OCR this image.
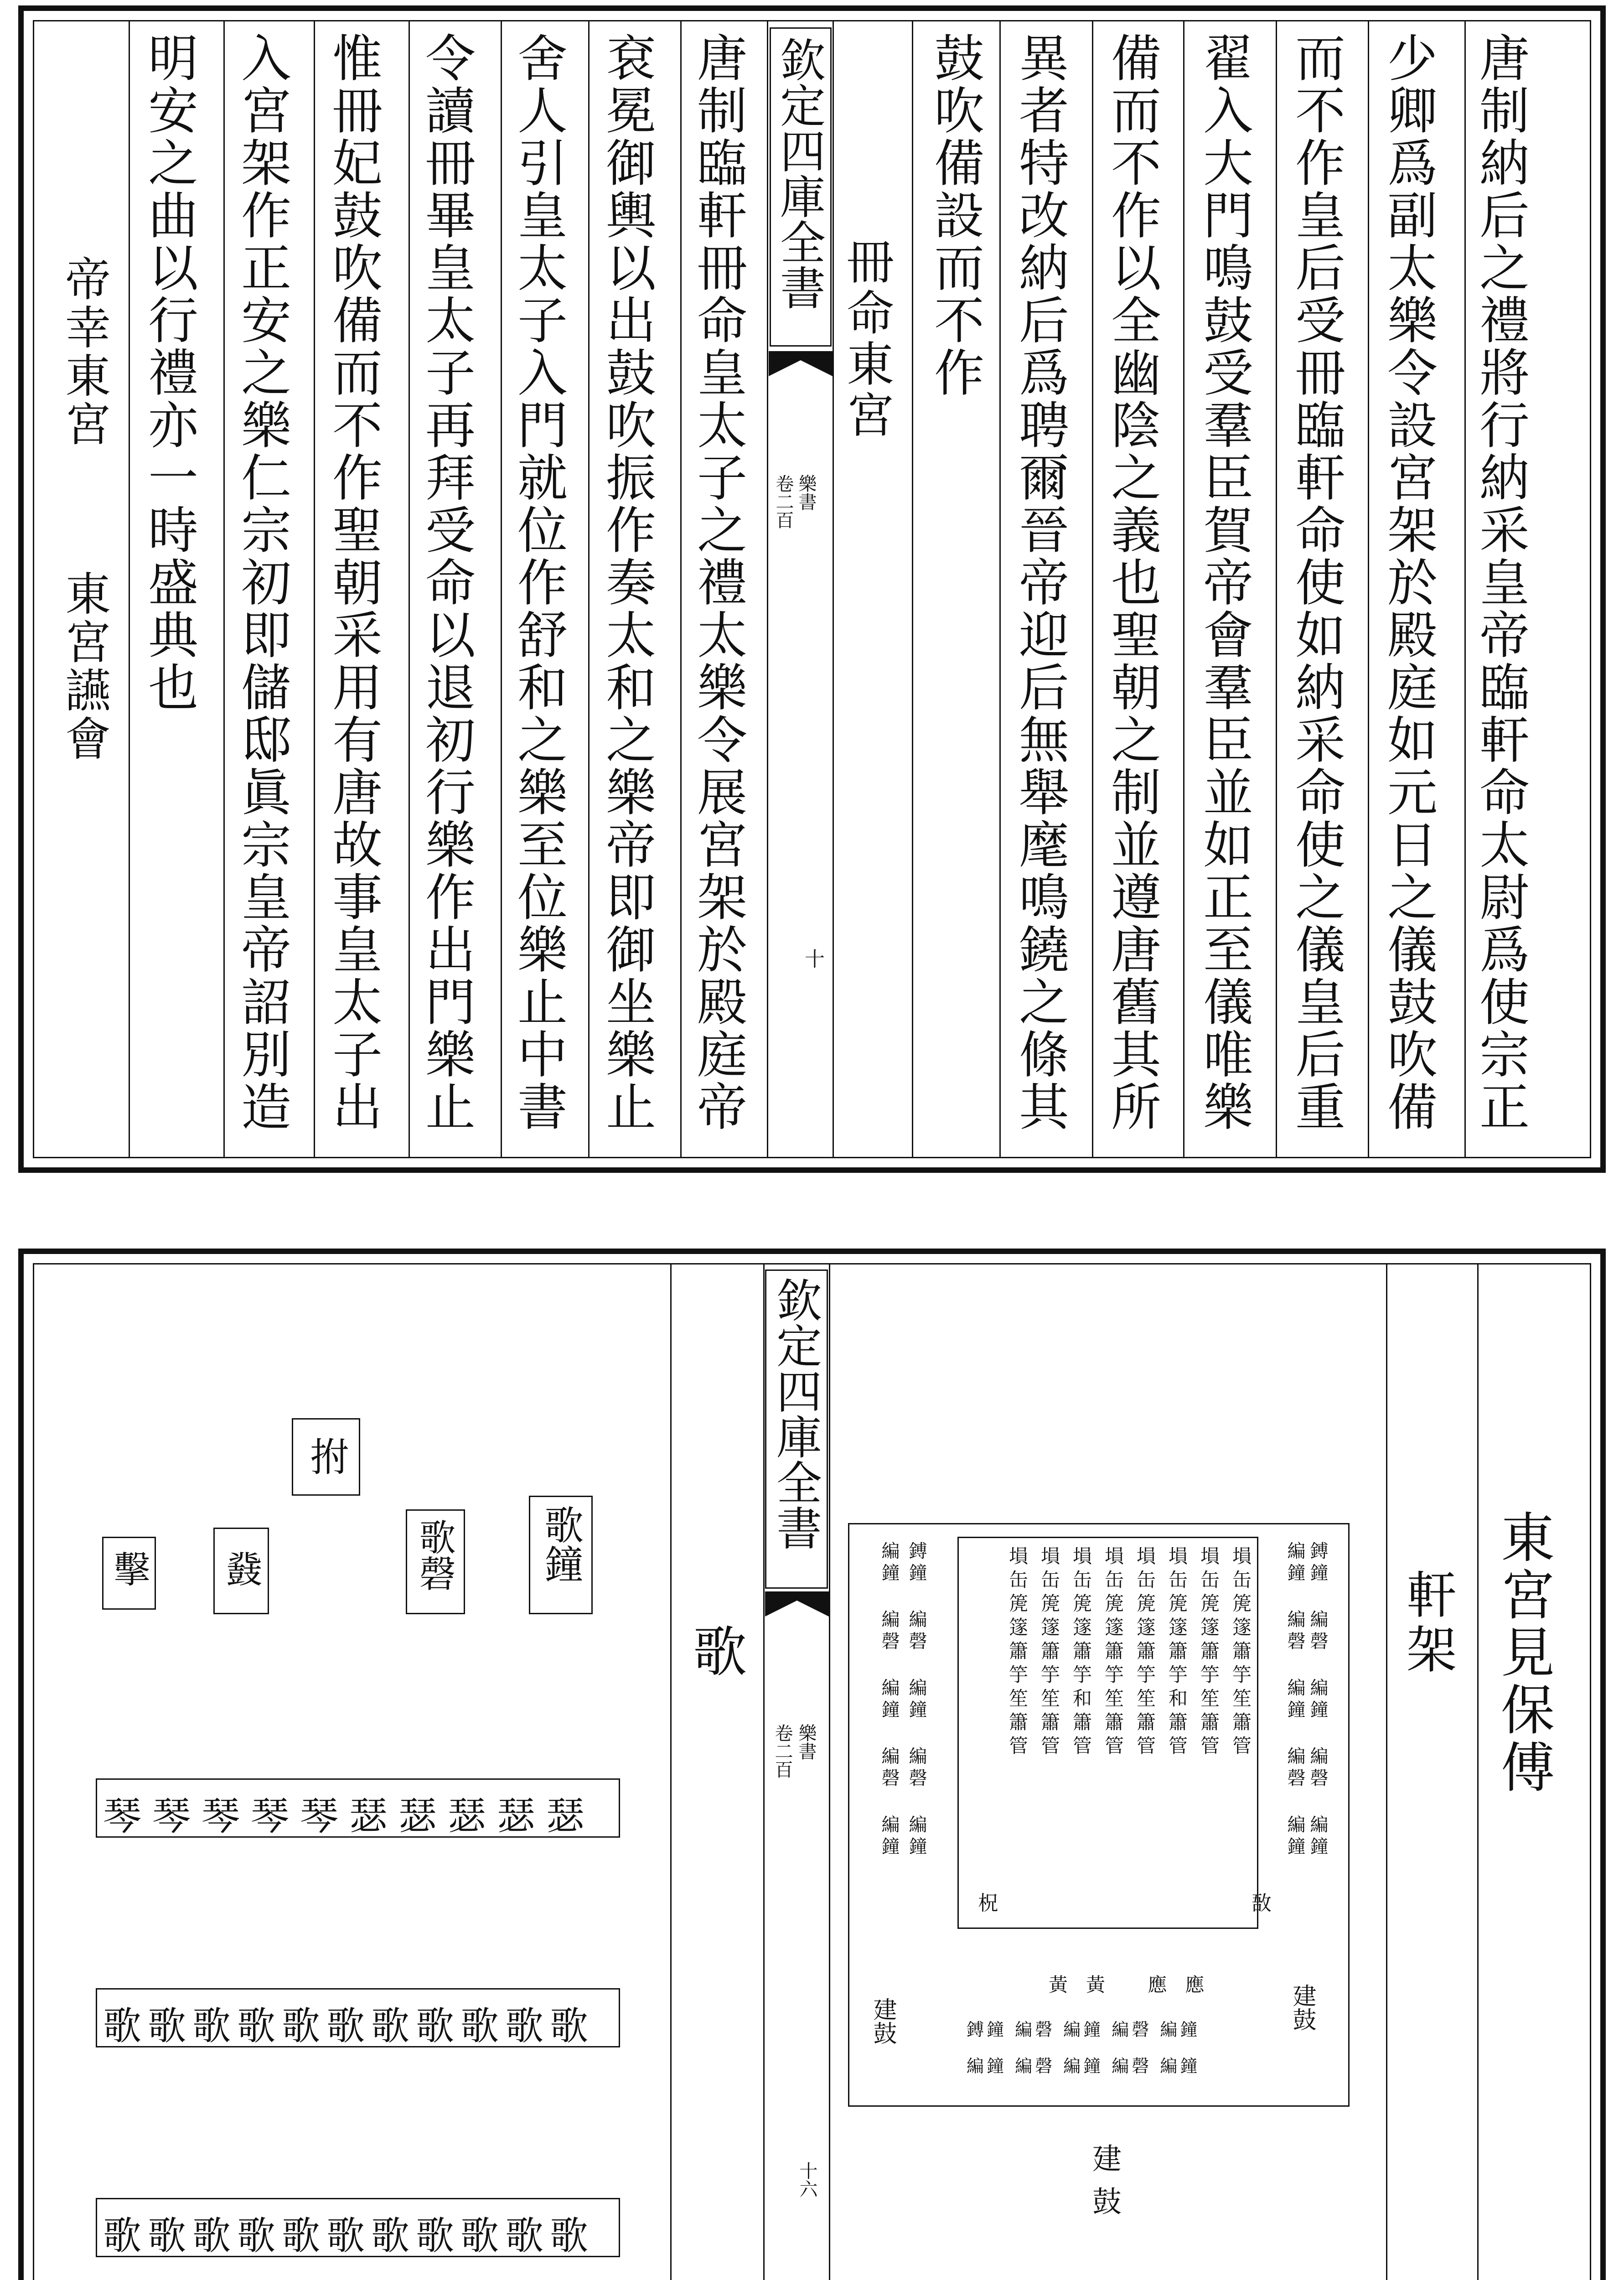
唐制納后之禮將行納采皇帝臨軒命太尉爲使宗正
少卿爲副太樂令設宮架於殿庭如元日之儀鼓吹備
而不作皇后受冊臨軒命使如納采命使之儀皇后重
翟入大門鳴鼓受羣臣賀帝會羣臣並如正至儀唯樂
備而不作以全幽陰之義也聖朝之制並遵唐舊其所
異者特改納后爲聘爾晉帝迎后無舉麾鳴鐃之條其
鼓吹備設而不作
冊命東宮
欽定四庫全書
樂書
卷二百
十
唐制臨軒冊命皇太子之禮太樂令展宮架於殿庭帝
袞冕御輿以出鼓吹振作奏太和之樂帝即御坐樂止
舍人引皇太子入門就位作舒和之樂至位樂止中書
令讀冊畢皇太子再拜受命以退初行樂作出門樂止
惟冊妃鼓吹備而不作聖朝采用有唐故事皇太子出
入宮架作正安之樂仁宗初即儲邸眞宗皇帝詔別造
明安之曲以行禮亦一時盛典也
帝幸東宮
東宮讌會
東宮見保傅
軒架
鎛鐘 編磬 編鐘 編磬 編鐘
編鐘 編磬 編鐘 編磬 編鐘
鎛鐘 編磬 編鐘 編磬 編鐘
編鐘 編磬 編鐘 編磬 編鐘	塤缶箎篴簫竽笙簫管
塤缶箎篴簫竽笙簫管
塤缶箎篴簫竽和簫管
塤缶箎篴簫竽笙簫管
塤缶箎篴簫竽笙簫管
塤缶箎篴簫竽和簫管
塤缶箎篴簫竽笙簫管
塤缶箎篴簫竽笙簫管
柷	敔
黃黃 應應
鎛鐘 編磬 編鐘 編磬 編鐘
編鐘 編磬 編鐘 編磬 編鐘
建鼓
建鼓
建鼓
欽定四庫全書
樂書
卷二百
十六
歌
拊
歌鐘
歌磬
鼗
擊
琴琴琴琴琴瑟瑟瑟瑟瑟
歌歌歌歌歌歌歌歌歌歌歌
歌歌歌歌歌歌歌歌歌歌歌
